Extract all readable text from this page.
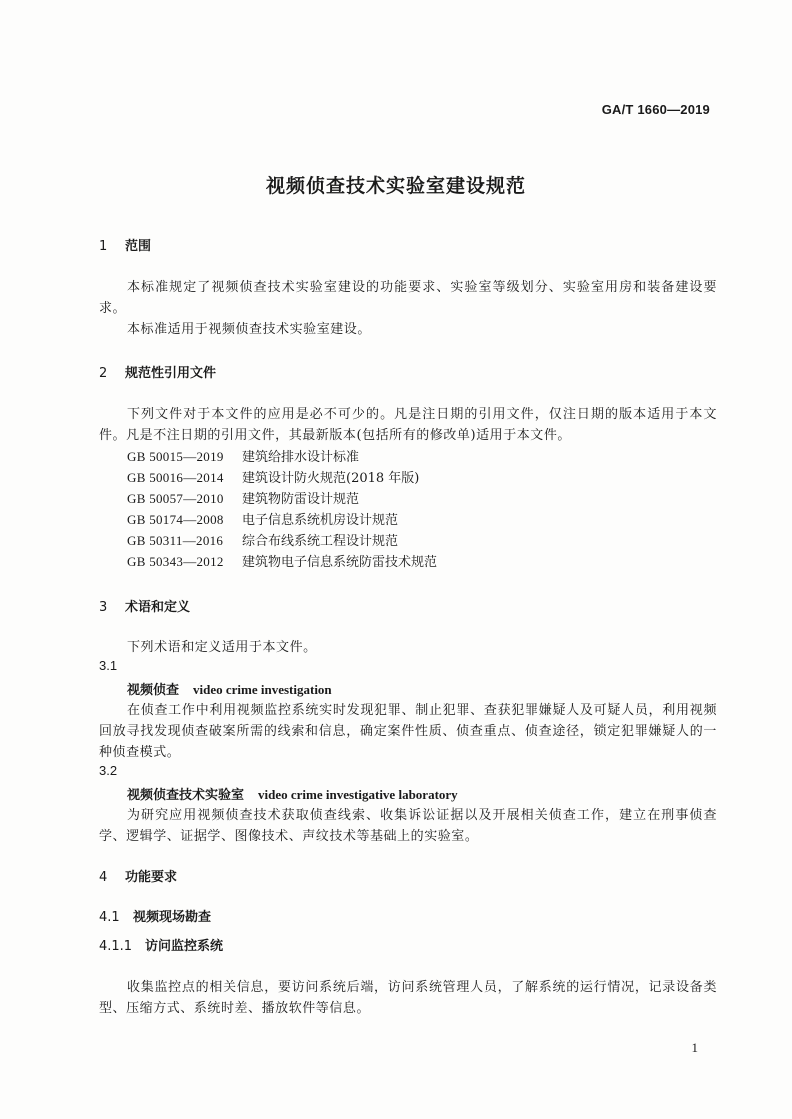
GA/T 1660—2019
视频侦查技术实验室建设规范
1 范围
本标准规定了视频侦查技术实验室建设的功能要求、实验室等级划分、实验室用房和装备建设要求。
本标准适用于视频侦查技术实验室建设。
2 规范性引用文件
下列文件对于本文件的应用是必不可少的。凡是注日期的引用文件，仅注日期的版本适用于本文件。凡是不注日期的引用文件，其最新版本(包括所有的修改单)适用于本文件。
GB 50015—2019 建筑给排水设计标准
GB 50016—2014 建筑设计防火规范(2018 年版)
GB 50057—2010 建筑物防雷设计规范
GB 50174—2008 电子信息系统机房设计规范
GB 50311—2016 综合布线系统工程设计规范
GB 50343—2012 建筑物电子信息系统防雷技术规范
3 术语和定义
下列术语和定义适用于本文件。
3.1
视频侦查 video crime investigation
在侦查工作中利用视频监控系统实时发现犯罪、制止犯罪、查获犯罪嫌疑人及可疑人员，利用视频回放寻找发现侦查破案所需的线索和信息，确定案件性质、侦查重点、侦查途径，锁定犯罪嫌疑人的一种侦查模式。
3.2
视频侦查技术实验室 video crime investigative laboratory
为研究应用视频侦查技术获取侦查线索、收集诉讼证据以及开展相关侦查工作，建立在刑事侦查学、逻辑学、证据学、图像技术、声纹技术等基础上的实验室。
4 功能要求
4.1 视频现场勘查
4.1.1 访问监控系统
收集监控点的相关信息，要访问系统后端，访问系统管理人员，了解系统的运行情况，记录设备类型、压缩方式、系统时差、播放软件等信息。
1
